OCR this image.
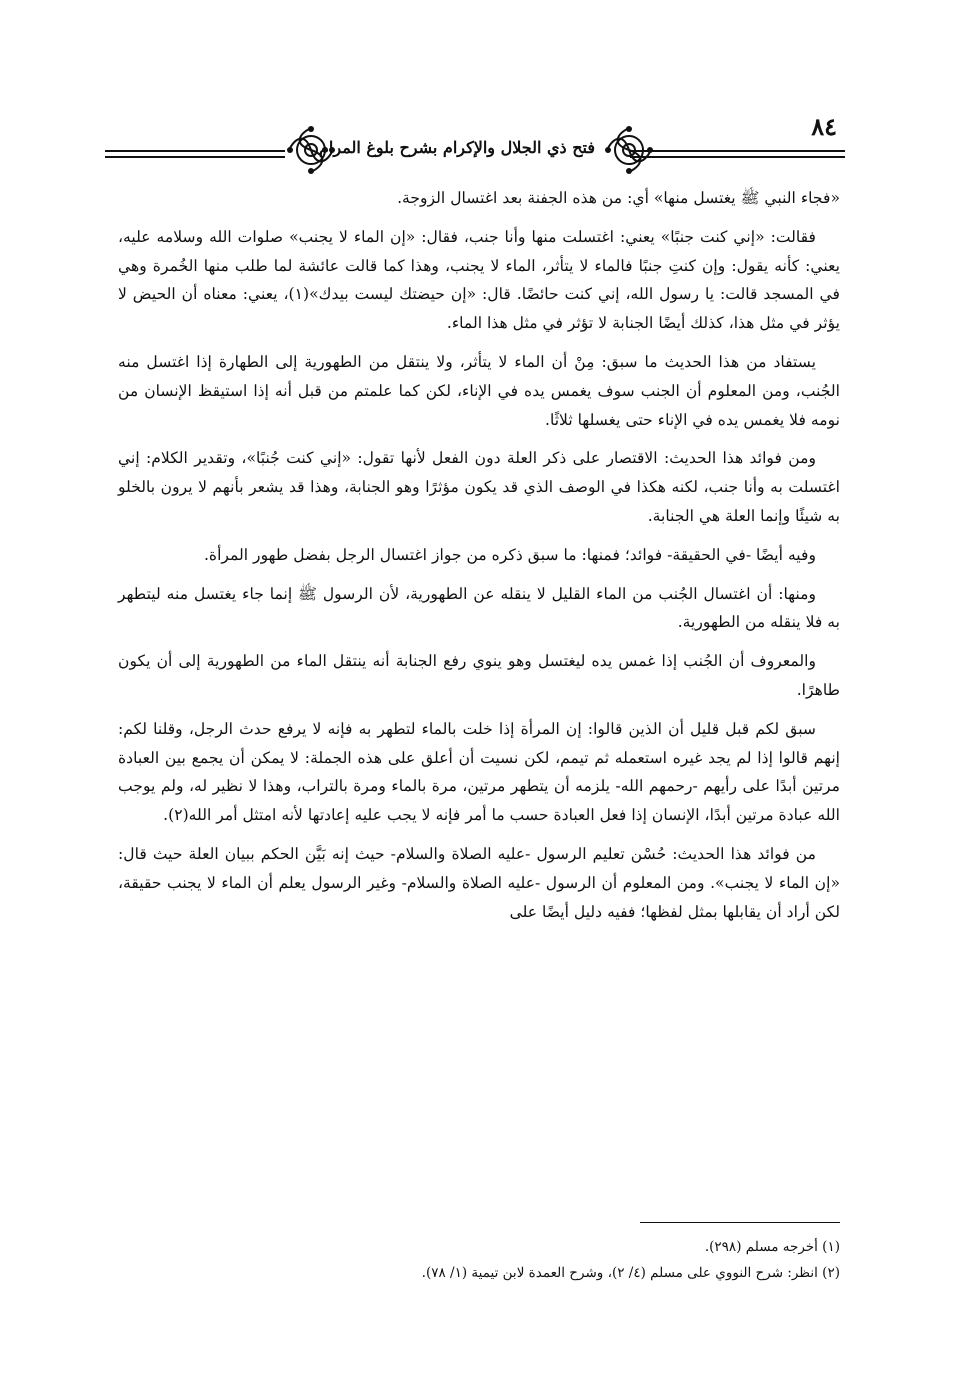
فتح ذي الجلال والإكرام بشرح بلوغ المرام
٨٤

«فجاء النبي ﷺ يغتسل منها» أي: من هذه الجفنة بعد اغتسال الزوجة.

فقالت: «إني كنت جنبًا» يعني: اغتسلت منها وأنا جنب، فقال: «إن الماء لا يجنب» صلوات الله وسلامه عليه، يعني: كأنه يقول: وإن كنتِ جنبًا فالماء لا يتأثر، الماء لا يجنب، وهذا كما قالت عائشة لما طلب منها الخُمرة وهي في المسجد قالت: يا رسول الله، إني كنت حائضًا. قال: «إن حيضتك ليست بيدك»(١)، يعني: معناه أن الحيض لا يؤثر في مثل هذا، كذلك أيضًا الجنابة لا تؤثر في مثل هذا الماء.

يستفاد من هذا الحديث ما سبق: مِنْ أن الماء لا يتأثر، ولا ينتقل من الطهورية إلى الطهارة إذا اغتسل منه الجُنب، ومن المعلوم أن الجنب سوف يغمس يده في الإناء، لكن كما علمتم من قبل أنه إذا استيقظ الإنسان من نومه فلا يغمس يده في الإناء حتى يغسلها ثلاثًا.

ومن فوائد هذا الحديث: الاقتصار على ذكر العلة دون الفعل لأنها تقول: «إني كنت جُنبًا»، وتقدير الكلام: إني اغتسلت به وأنا جنب، لكنه هكذا في الوصف الذي قد يكون مؤثرًا وهو الجنابة، وهذا قد يشعر بأنهم لا يرون بالخلو به شيئًا وإنما العلة هي الجنابة.

وفيه أيضًا -في الحقيقة- فوائد؛ فمنها: ما سبق ذكره من جواز اغتسال الرجل بفضل طهور المرأة.

ومنها: أن اغتسال الجُنب من الماء القليل لا ينقله عن الطهورية، لأن الرسول ﷺ إنما جاء يغتسل منه ليتطهر به فلا ينقله من الطهورية.

والمعروف أن الجُنب إذا غمس يده ليغتسل وهو ينوي رفع الجنابة أنه ينتقل الماء من الطهورية إلى أن يكون طاهرًا.

سبق لكم قبل قليل أن الذين قالوا: إن المرأة إذا خلت بالماء لتطهر به فإنه لا يرفع حدث الرجل، وقلنا لكم: إنهم قالوا إذا لم يجد غيره استعمله ثم تيمم، لكن نسيت أن أعلق على هذه الجملة: لا يمكن أن يجمع بين العبادة مرتين أبدًا على رأيهم -رحمهم الله- يلزمه أن يتطهر مرتين، مرة بالماء ومرة بالتراب، وهذا لا نظير له، ولم يوجب الله عبادة مرتين أبدًا، الإنسان إذا فعل العبادة حسب ما أمر فإنه لا يجب عليه إعادتها لأنه امتثل أمر الله(٢).

من فوائد هذا الحديث: حُسْن تعليم الرسول -عليه الصلاة والسلام- حيث إنه بَيَّن الحكم ببيان العلة حيث قال: «إن الماء لا يجنب». ومن المعلوم أن الرسول -عليه الصلاة والسلام- وغير الرسول يعلم أن الماء لا يجنب حقيقة، لكن أراد أن يقابلها بمثل لفظها؛ ففيه دليل أيضًا على

(١) أخرجه مسلم (٢٩٨).

(٢) انظر: شرح النووي على مسلم (٤/ ٢)، وشرح العمدة لابن تيمية (١/ ٧٨).
